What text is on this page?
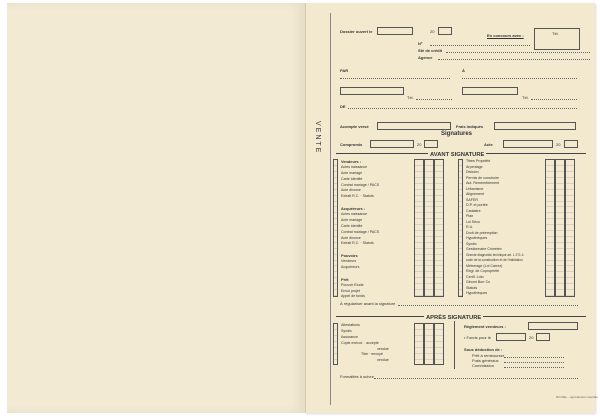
VENTE
Dossier ouvert le	20
En concours avec :	Tél.
Nº
Sté de crédit
Agence
PAR	À
Tél.	Tél.
DE
Acompte versé	Frais indiqués
Signatures
Compromis	20	Acte	20
AVANT SIGNATURE
Vendeurs :
Actes naissance
Acte mariage
Carte identité
Contrat mariage / PACS
Acte divorce
Extrait R.C. · Statuts
Acquéreurs :
Actes naissance
Acte mariage
Carte identité
Contrat mariage / PACS
Acte divorce
Extrait R.C. · Statuts
Pouvoirs
Vendeurs
Acquéreurs
Prêt
Pouvoir Etude
Envoi projet
Appel de fonds
Titres Propriété
Arpentage
Division
Permis de construire
Aut. Remembrement
Urbanisme
Alignement
SAFER
D.P. et portée
Cadastre
Plan
Loi Sécu
R.U.
Droit de préemption
Hypothèques
Syndic
Gestionnaire Crimetex
Grande diagnostic technique art. L 271.4
code de la construction et de l'habitation
Métrerage (Loi Carrez)
Régl. de Copropriété
Certif. Loto
Géomt Burr Co
Statuts
Hypothèques
À régulariser avant la signature
APRÈS SIGNATURE
Attestations
Syndic
Assurance
Copie exécut. · accepte
vendue
Titre · envoyé
vendue
Règlement vendeurs :
• Fonds pour le	20
Sous déduction de :
Prêt à rembourser
Frais généraux
Commission
Formalités à suivre
NO.REL · reproduction interdite
